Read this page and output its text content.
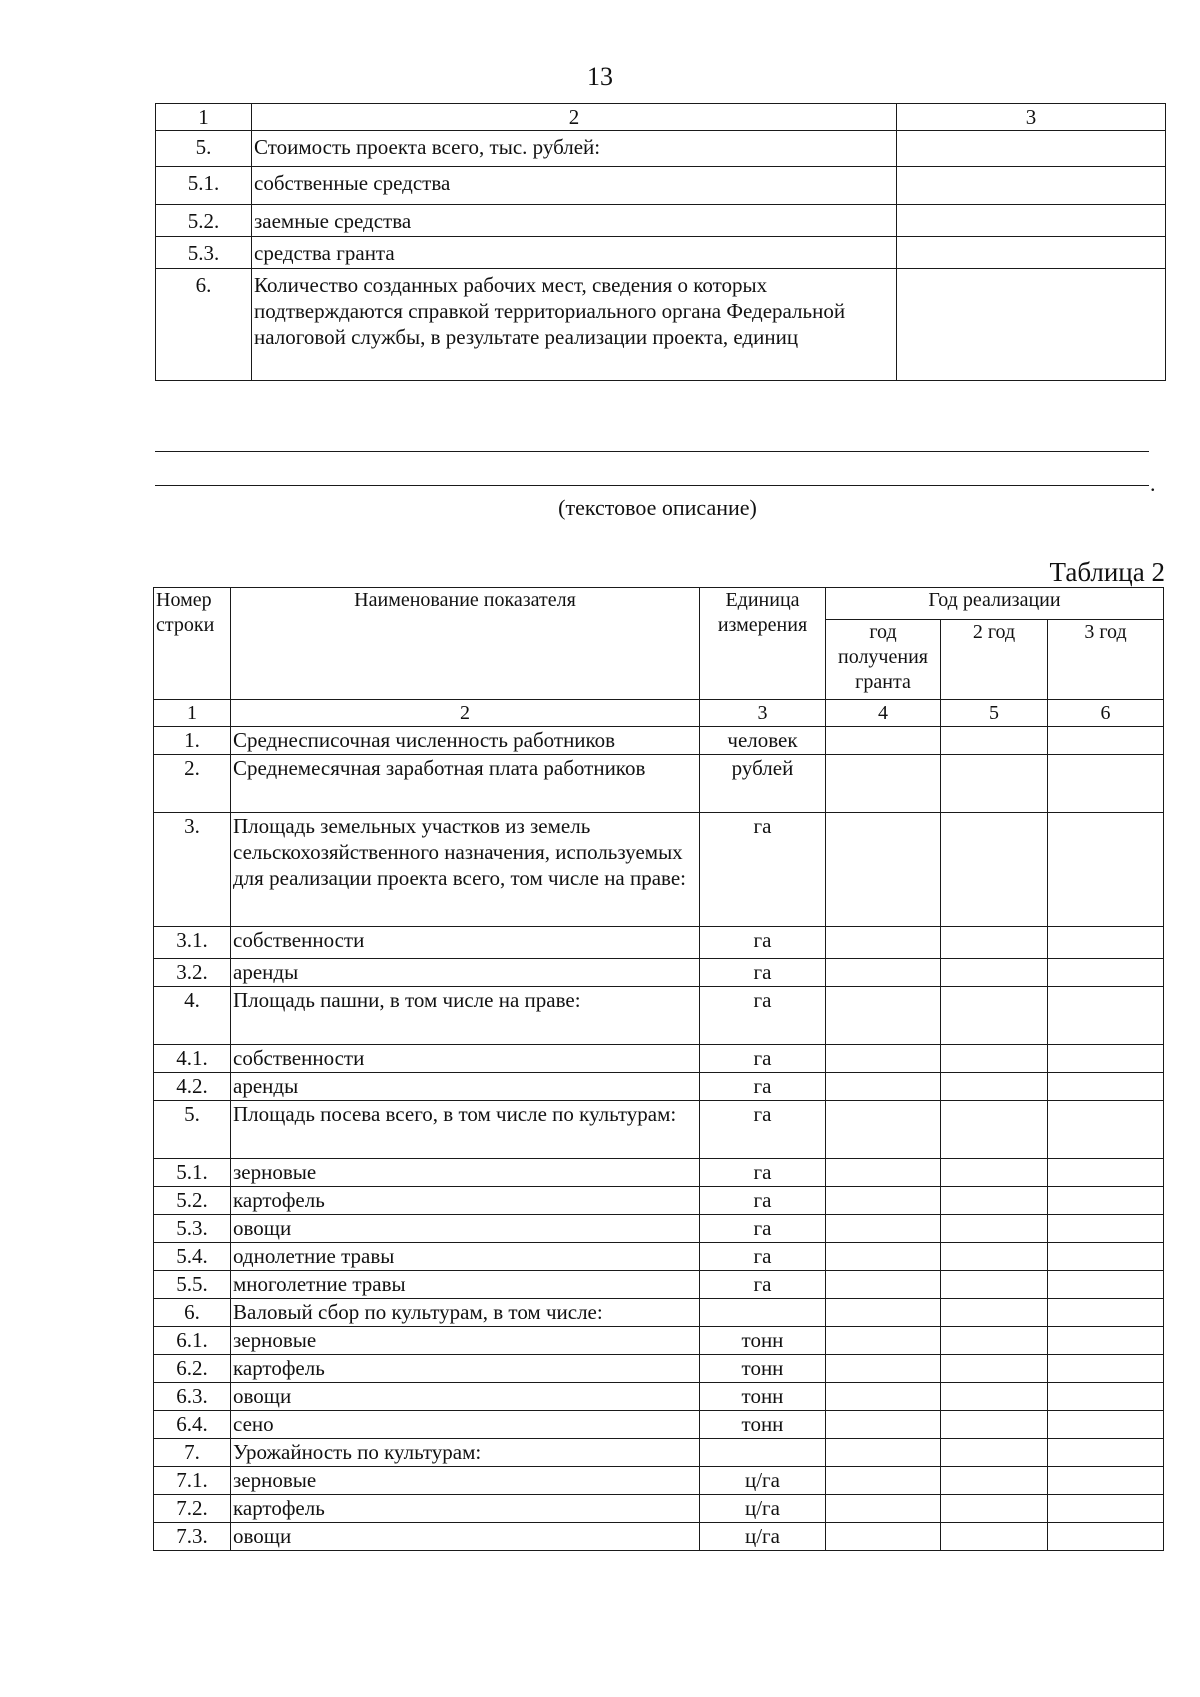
13
1	2	3
5.	Стоимость проекта всего, тыс. рублей:	
5.1.	собственные средства	
5.2.	заемные средства	
5.3.	средства гранта	
6.	Количество созданных рабочих мест, сведения о которых подтверждаются справкой территориального органа Федеральной налоговой службы, в результате реализации проекта, единиц	
.
(текстовое описание)
Таблица 2
Номер строки	Наименование показателя	Единица измерения	Год реализации		
			год получения гранта	2 год	3 год
1	2	3	4	5	6
1.	Среднесписочная численность работников	человек			
2.	Среднемесячная заработная плата работников	рублей			
3.	Площадь земельных участков из земель сельскохозяйственного назначения, используемых для реализации проекта всего, том числе на праве:	га			
3.1.	собственности	га			
3.2.	аренды	га			
4.	Площадь пашни, в том числе на праве:	га			
4.1.	собственности	га			
4.2.	аренды	га			
5.	Площадь посева всего, в том числе по культурам:	га			
5.1.	зерновые	га			
5.2.	картофель	га			
5.3.	овощи	га			
5.4.	однолетние травы	га			
5.5.	многолетние травы	га			
6.	Валовый сбор по культурам, в том числе:				
6.1.	зерновые	тонн			
6.2.	картофель	тонн			
6.3.	овощи	тонн			
6.4.	сено	тонн			
7.	Урожайность по культурам:				
7.1.	зерновые	ц/га			
7.2.	картофель	ц/га			
7.3.	овощи	ц/га			
